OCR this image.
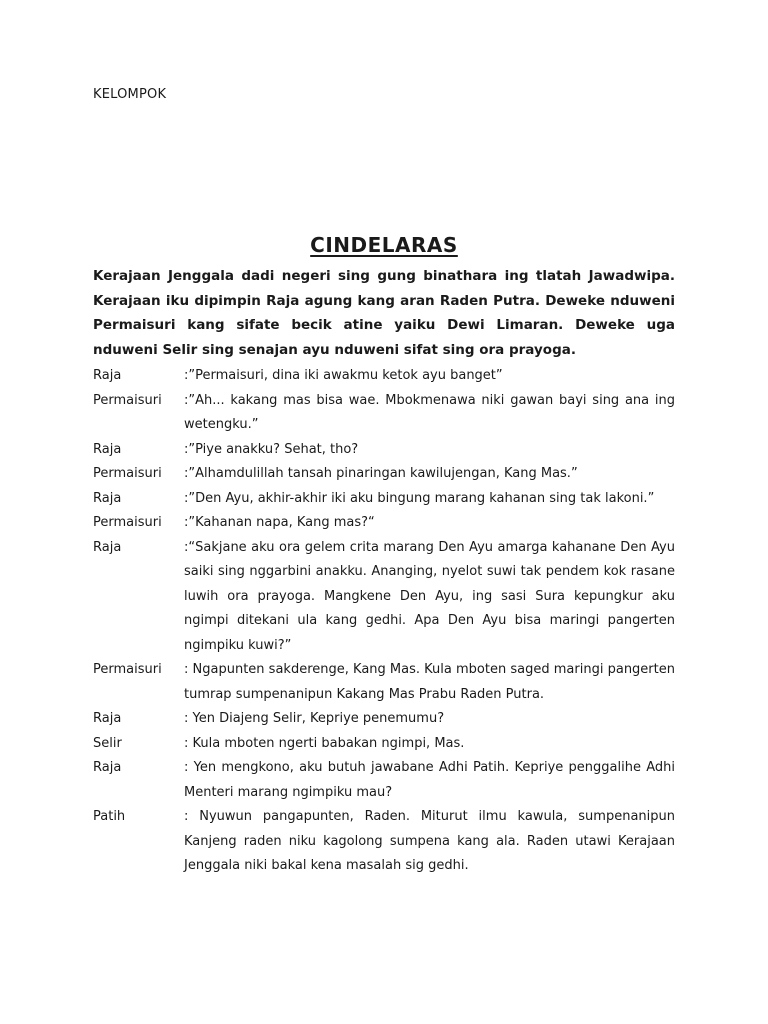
KELOMPOK
CINDELARAS

Kerajaan Jenggala dadi negeri sing gung binathara ing tlatah Jawadwipa. Kerajaan iku dipimpin Raja agung kang aran Raden Putra. Deweke nduweni Permaisuri kang sifate becik atine yaiku Dewi Limaran. Deweke uga nduweni Selir sing senajan ayu nduweni sifat sing ora prayoga.

Raja	:”Permaisuri, dina iki awakmu ketok ayu banget”
Permaisuri	:”Ah... kakang mas bisa wae. Mbokmenawa niki gawan bayi sing ana ing wetengku.”
Raja	:”Piye anakku? Sehat, tho?
Permaisuri	:”Alhamdulillah tansah pinaringan kawilujengan, Kang Mas.”
Raja	:”Den Ayu, akhir-akhir iki aku bingung marang kahanan sing tak lakoni.”
Permaisuri	:”Kahanan napa, Kang mas?“
Raja	:“Sakjane aku ora gelem crita marang Den Ayu amarga kahanane Den Ayu saiki sing nggarbini anakku. Ananging, nyelot suwi tak pendem kok rasane luwih ora prayoga. Mangkene Den Ayu, ing sasi Sura kepungkur aku ngimpi ditekani ula kang gedhi. Apa Den Ayu bisa maringi pangerten ngimpiku kuwi?”
Permaisuri	: Ngapunten sakderenge, Kang Mas. Kula mboten saged maringi pangerten tumrap sumpenanipun Kakang Mas Prabu Raden Putra.
Raja	: Yen Diajeng Selir, Kepriye penemumu?
Selir	: Kula mboten ngerti babakan ngimpi, Mas.
Raja	: Yen mengkono, aku butuh jawabane Adhi Patih. Kepriye penggalihe Adhi Menteri marang ngimpiku mau?
Patih	: Nyuwun pangapunten, Raden. Miturut ilmu kawula, sumpenanipun Kanjeng raden niku kagolong sumpena kang ala. Raden utawi Kerajaan Jenggala niki bakal kena masalah sig gedhi.
